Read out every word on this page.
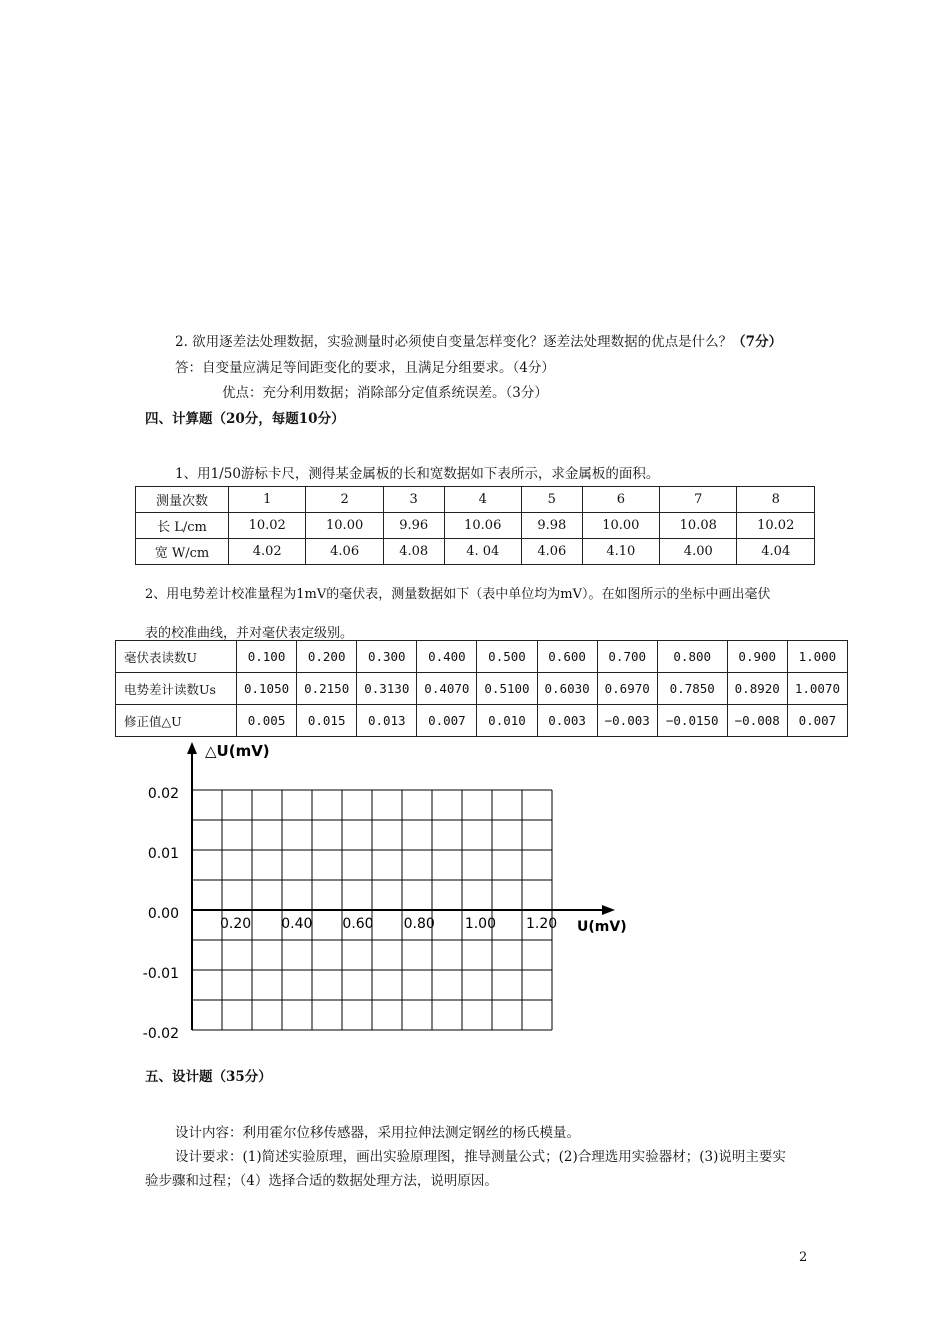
2. 欲用逐差法处理数据，实验测量时必须使自变量怎样变化？逐差法处理数据的优点是什么？（7分）
答：自变量应满足等间距变化的要求，且满足分组要求。（4分）
优点：充分利用数据；消除部分定值系统误差。（3分）
四、计算题（20分，每题10分）
1、用1/50游标卡尺，测得某金属板的长和宽数据如下表所示，求金属板的面积。
测量次数	1	2	3	4	5	6	7	8
长 L/cm	10.02	10.00	9.96	10.06	9.98	10.00	10.08	10.02
宽 W/cm	4.02	4.06	4.08	4. 04	4.06	4.10	4.00	4.04
2、用电势差计校准量程为1mV的毫伏表，测量数据如下（表中单位均为mV）。在如图所示的坐标中画出毫伏
表的校准曲线，并对毫伏表定级别。
毫伏表读数U	0.100	0.200	0.300	0.400	0.500	0.600	0.700	0.800	0.900	1.000
电势差计读数Us	0.1050	0.2150	0.3130	0.4070	0.5100	0.6030	0.6970	0.7850	0.8920	1.0070
修正值△U	0.005	0.015	0.013	0.007	0.010	0.003	−0.003	−0.0150	−0.008	0.007
△U(mV)
U(mV)
0.02
0.01
0.00
-0.01
-0.02
0.20 0.40 0.60 0.80 1.00 1.20
五、设计题（35分）
设计内容：利用霍尔位移传感器，采用拉伸法测定钢丝的杨氏模量。
设计要求：(1)简述实验原理，画出实验原理图，推导测量公式；(2)合理选用实验器材；(3)说明主要实
验步骤和过程；（4）选择合适的数据处理方法，说明原因。
2
